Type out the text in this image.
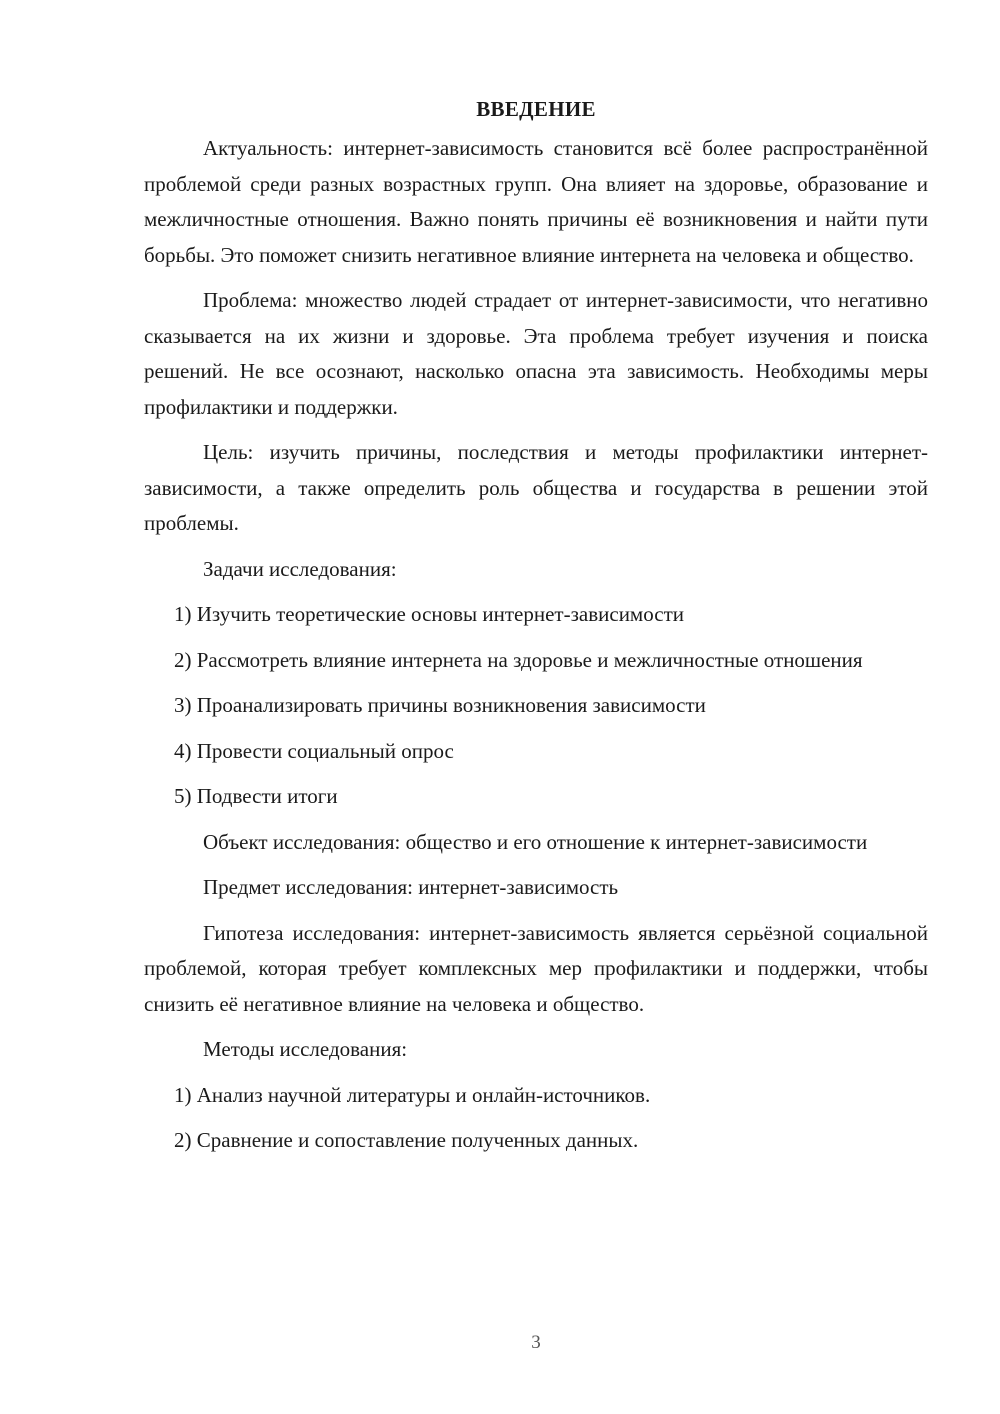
ВВЕДЕНИЕ

Актуальность: интернет-зависимость становится всё более распространённой проблемой среди разных возрастных групп. Она влияет на здоровье, образование и межличностные отношения. Важно понять причины её возникновения и найти пути борьбы. Это поможет снизить негативное влияние интернета на человека и общество.

Проблема: множество людей страдает от интернет-зависимости, что негативно сказывается на их жизни и здоровье. Эта проблема требует изучения и поиска решений. Не все осознают, насколько опасна эта зависимость. Необходимы меры профилактики и поддержки.

Цель: изучить причины, последствия и методы профилактики интернет-зависимости, а также определить роль общества и государства в решении этой проблемы.

Задачи исследования:

1) Изучить теоретические основы интернет-зависимости

2) Рассмотреть влияние интернета на здоровье и межличностные отношения

3) Проанализировать причины возникновения зависимости

4) Провести социальный опрос

5) Подвести итоги

Объект исследования: общество и его отношение к интернет-зависимости

Предмет исследования: интернет-зависимость

Гипотеза исследования: интернет-зависимость является серьёзной социальной проблемой, которая требует комплексных мер профилактики и поддержки, чтобы снизить её негативное влияние на человека и общество.

Методы исследования:

1) Анализ научной литературы и онлайн-источников.

2) Сравнение и сопоставление полученных данных.

3
